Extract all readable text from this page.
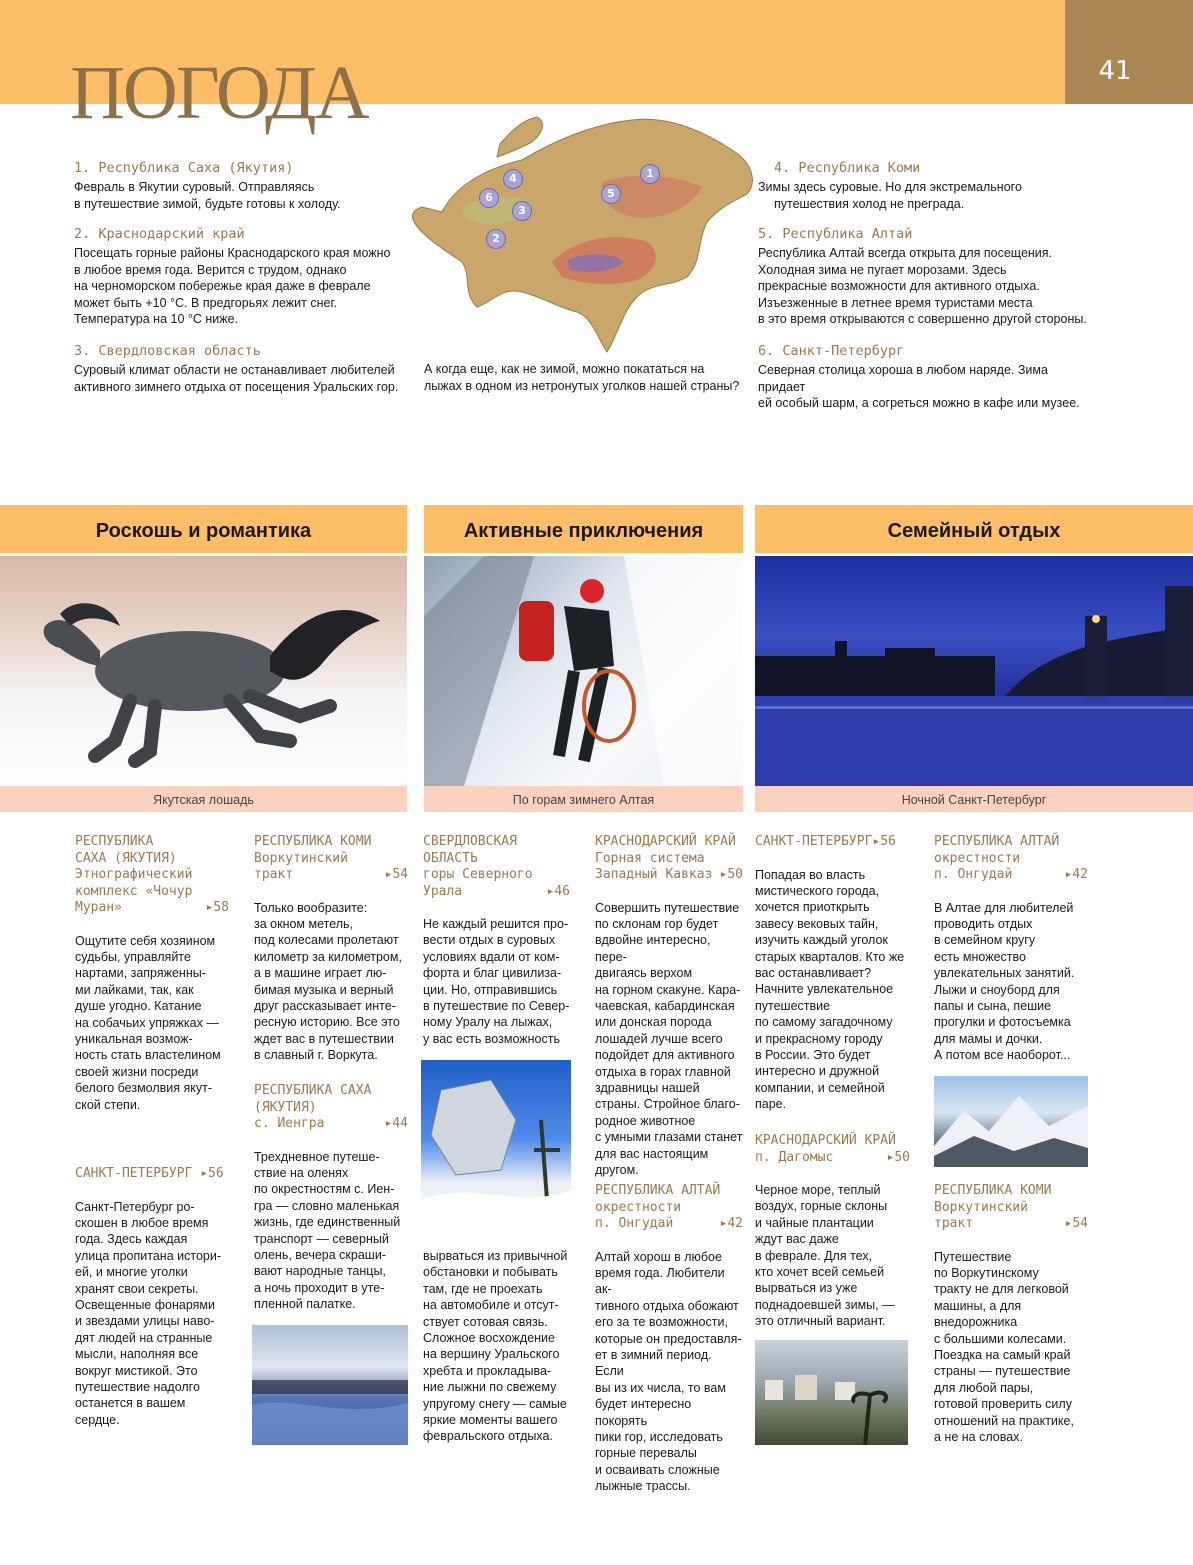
41
ПОГОДА

1. Республика Саха (Якутия)

Февраль в Якутии суровый. Отправляясь
в путешествие зимой, будьте готовы к холоду.

2. Краснодарский край

Посещать горные районы Краснодарского края можно
в любое время года. Верится с трудом, однако
на черноморском побережье края даже в феврале
может быть +10 °С. В предгорьях лежит снег.
Температура на 10 °С ниже.

3. Свердловская область

Суровый климат области не останавливает любителей
активного зимнего отдыха от посещения Уральских гор.

4. Республика Коми

Зимы здесь суровые. Но для экстремального
путешествия холод не преграда.

5. Республика Алтай

Республика Алтай всегда открыта для посещения.
Холодная зима не пугает морозами. Здесь
прекрасные возможности для активного отдыха.
Изъезженные в летнее время туристами места
в это время открываются с совершенно другой стороны.

6. Санкт-Петербург

Северная столица хороша в любом наряде. Зима придает
ей особый шарм, а согреться можно в кафе или музее.

1
2
3
4
5
6
А когда еще, как не зимой, можно покататься на
лыжах в одном из нетронутых уголков нашей страны?
Роскошь и романтика	Активные приключения	Семейный отдых
Якутская лошадь	По горам зимнего Алтая	Ночной Санкт-Петербург
РЕСПУБЛИКА
САХА (ЯКУТИЯ)
Этнографический
комплекс «Чочур
Муран»	▸58

Ощутите себя хозяином
судьбы, управляйте
нартами, запряженны-
ми лайками, так, как
душе угодно. Катание
на собачьих упряжках —
уникальная возмож-
ность стать властелином
своей жизни посреди
белого безмолвия якут-
ской степи.

САНКТ-ПЕТЕРБУРГ ▸56

Санкт-Петербург ро-
скошен в любое время
года. Здесь каждая
улица пропитана истори-
ей, и многие уголки
хранят свои секреты.
Освещенные фонарями
и звездами улицы наво-
дят людей на странные
мысли, наполняя все
вокруг мистикой. Это
путешествие надолго
останется в вашем
сердце.

РЕСПУБЛИКА КОМИ
Воркутинский
тракт	▸54

Только вообразите:
за окном метель,
под колесами пролетают
километр за километром,
а в машине играет лю-
бимая музыка и верный
друг рассказывает инте-
ресную историю. Все это
ждет вас в путешествии
в славный г. Воркута.

РЕСПУБЛИКА САХА
(ЯКУТИЯ)
с. Иенгра	▸44

Трехдневное путеше-
ствие на оленях
по окрестностям с. Иен-
гра — словно маленькая
жизнь, где единственный
транспорт — северный
олень, вечера скраши-
вают народные танцы,
а ночь проходит в уте-
пленной палатке.

СВЕРДЛОВСКАЯ
ОБЛАСТЬ
горы Северного
Урала	▸46

Не каждый решится про-
вести отдых в суровых
условиях вдали от ком-
форта и благ цивилиза-
ции. Но, отправившись
в путешествие по Север-
ному Уралу на лыжах,
у вас есть возможность

вырваться из привычной
обстановки и побывать
там, где не проехать
на автомобиле и отсут-
ствует сотовая связь.
Сложное восхождение
на вершину Уральского
хребта и прокладыва-
ние лыжни по свежему
упругому снегу — самые
яркие моменты вашего
февральского отдыха.

КРАСНОДАРСКИЙ КРАЙ
Горная система
Западный Кавказ ▸50

Совершить путешествие
по склонам гор будет
вдвойне интересно, пере-
двигаясь верхом
на горном скакуне. Кара-
чаевская, кабардинская
или донская порода
лошадей лучше всего
подойдет для активного
отдыха в горах главной
здравницы нашей
страны. Стройное благо-
родное животное
с умными глазами станет
для вас настоящим
другом.

РЕСПУБЛИКА АЛТАЙ
окрестности
п. Онгудай	▸42

Алтай хорош в любое
время года. Любители ак-
тивного отдыха обожают
его за те возможности,
которые он предоставля-
ет в зимний период. Если
вы из их числа, то вам
будет интересно покорять
пики гор, исследовать
горные перевалы
и осваивать сложные
лыжные трассы.

САНКТ-ПЕТЕРБУРГ▸56

Попадая во власть
мистического города,
хочется приоткрыть
завесу вековых тайн,
изучить каждый уголок
старых кварталов. Кто же
вас останавливает?
Начните увлекательное
путешествие
по самому загадочному
и прекрасному городу
в России. Это будет
интересно и дружной
компании, и семейной
паре.

КРАСНОДАРСКИЙ КРАЙ
п. Дагомыс	▸50

Черное море, теплый
воздух, горные склоны
и чайные плантации
ждут вас даже
в феврале. Для тех,
кто хочет всей семьей
вырваться из уже
поднадоевшей зимы, —
это отличный вариант.

РЕСПУБЛИКА АЛТАЙ
окрестности
п. Онгудай	▸42

В Алтае для любителей
проводить отдых
в семейном кругу
есть множество
увлекательных занятий.
Лыжи и сноуборд для
папы и сына, пешие
прогулки и фотосъемка
для мамы и дочки.
А потом все наоборот...

РЕСПУБЛИКА КОМИ
Воркутинский
тракт	▸54

Путешествие
по Воркутинскому
тракту не для легковой
машины, а для
внедорожника
с большими колесами.
Поездка на самый край
страны — путешествие
для любой пары,
готовой проверить силу
отношений на практике,
а не на словах.
